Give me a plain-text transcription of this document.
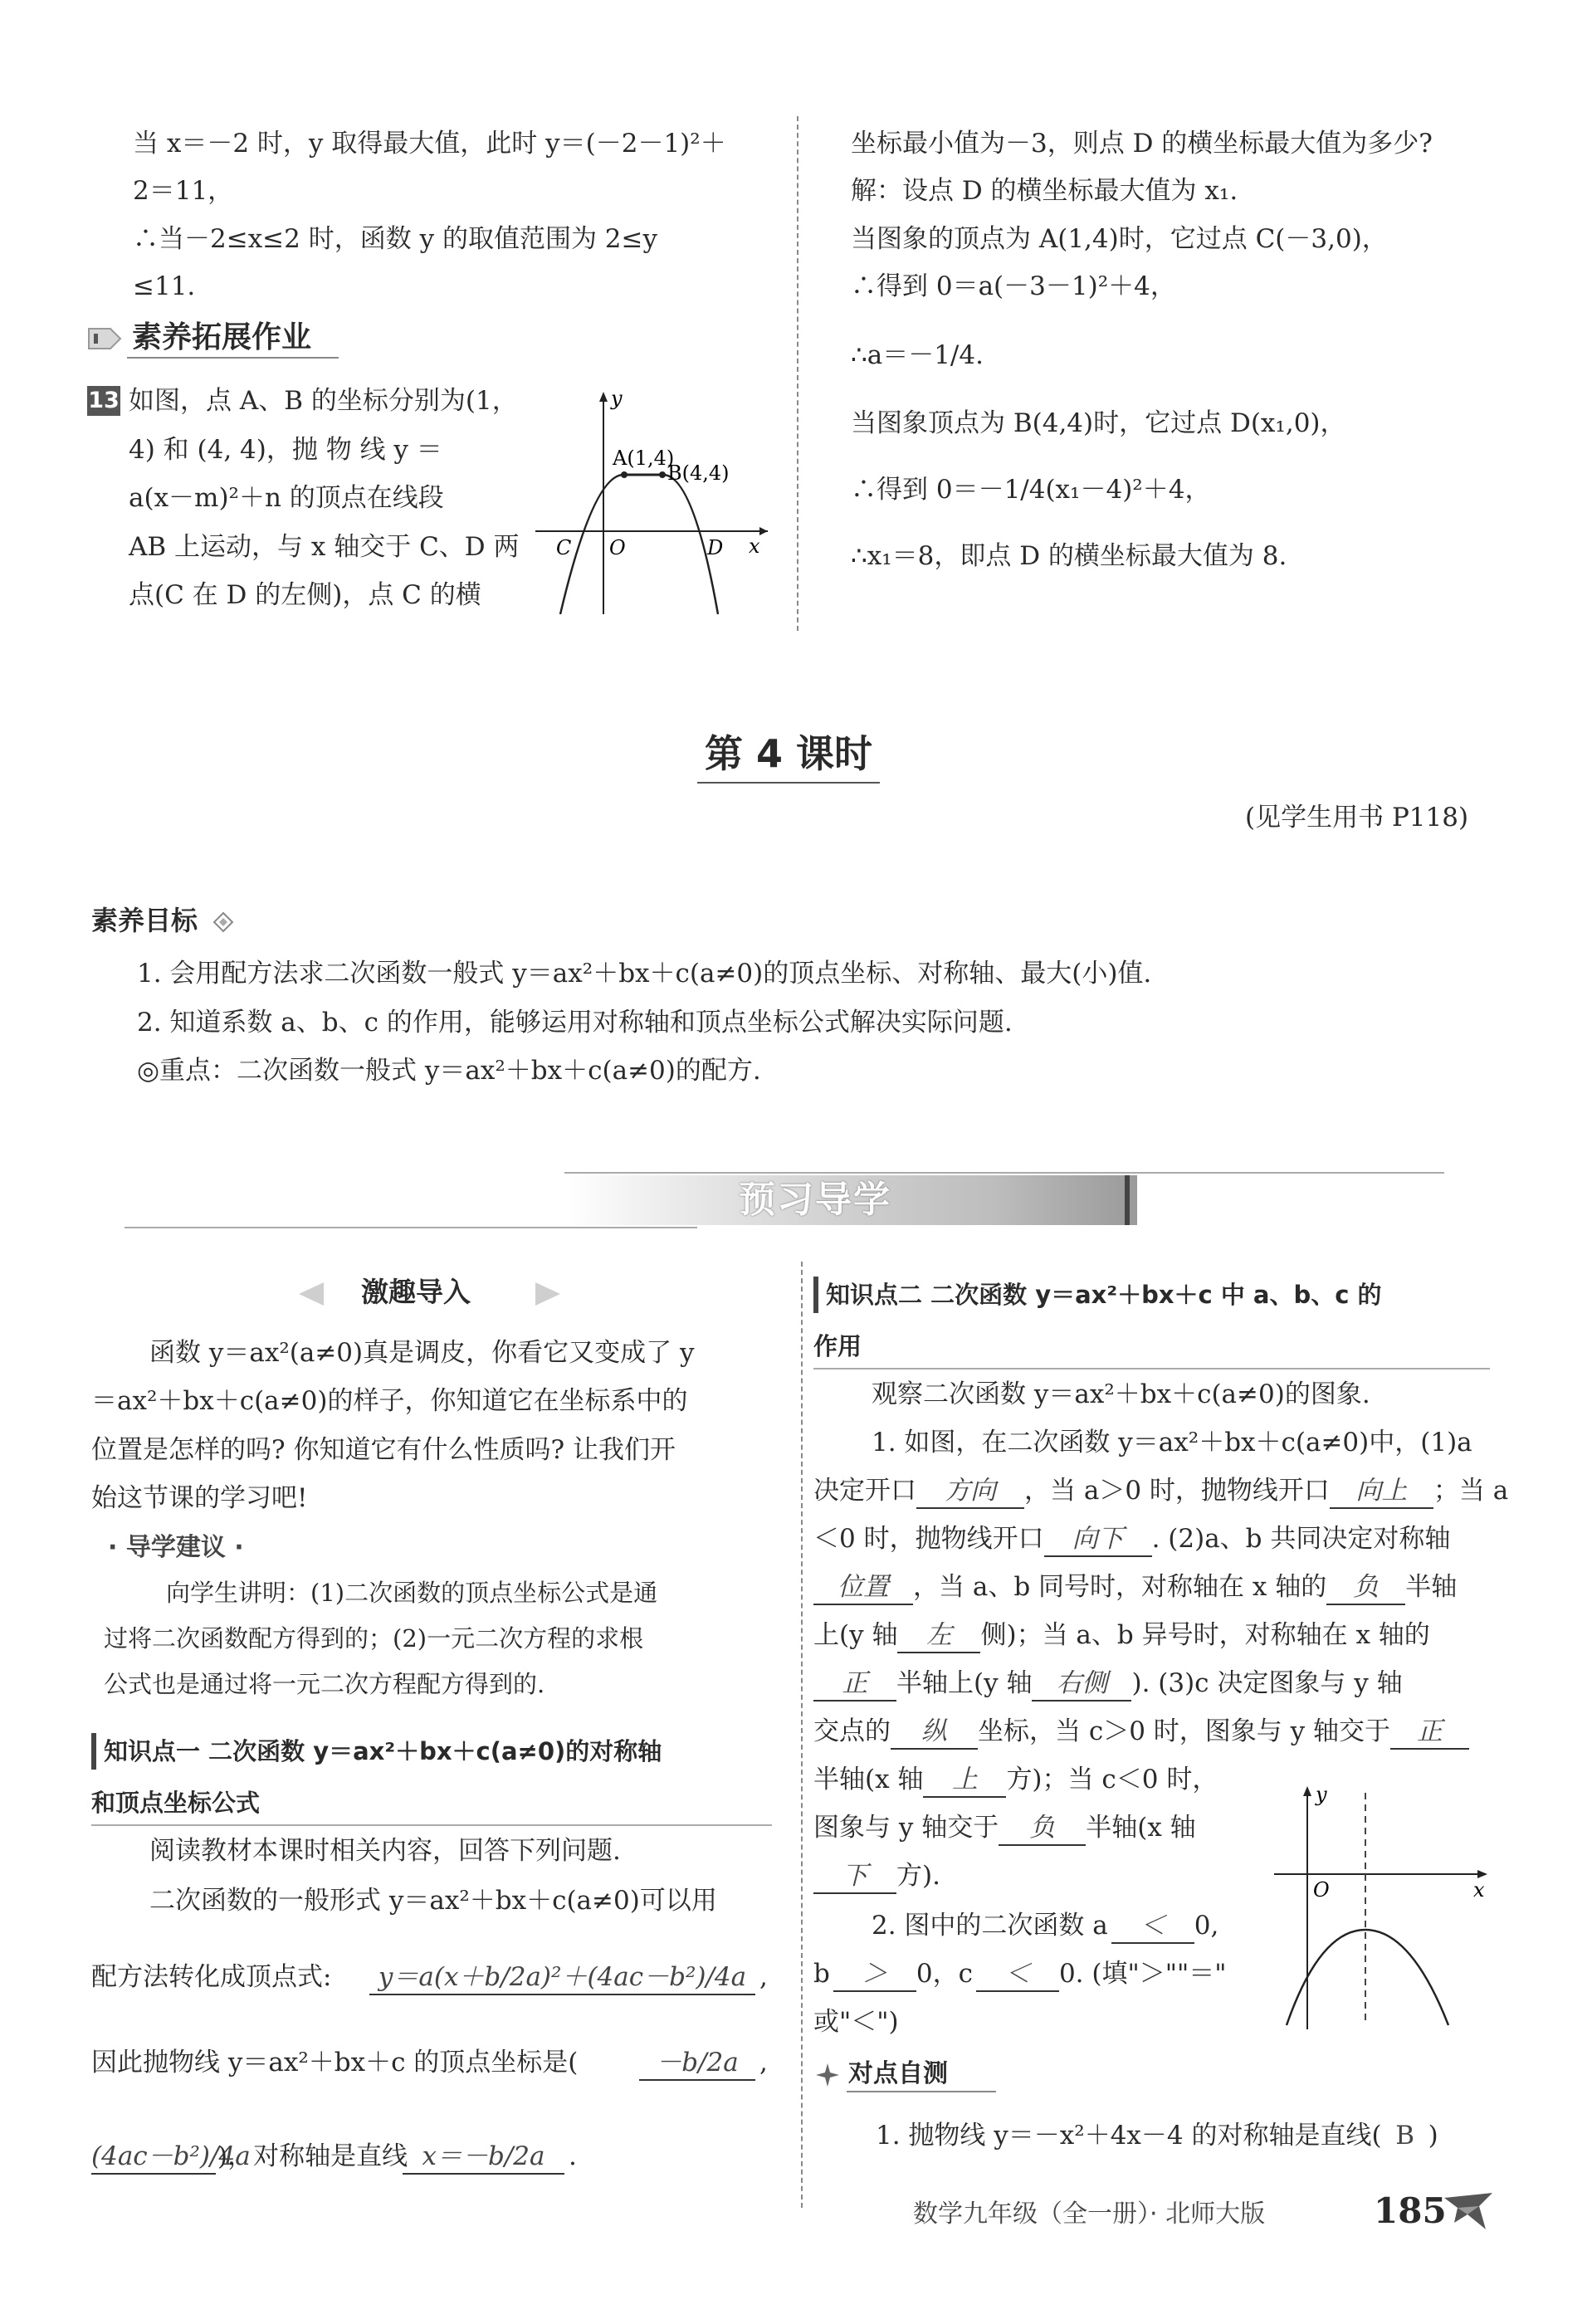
当 x＝－2 时，y 取得最大值，此时 y＝(－2－1)²＋
2＝11，
∴当－2≤x≤2 时，函数 y 的取值范围为 2≤y
≤11.
素养拓展作业
13 如图，点 A、B 的坐标分别为(1，
4) 和 (4, 4)，抛 物 线 y ＝
a(x－m)²＋n 的顶点在线段
AB 上运动，与 x 轴交于 C、D 两
点(C 在 D 的左侧)，点 C 的横
y
x
A(1,4)
B(4,4)
C O	D
坐标最小值为－3，则点 D 的横坐标最大值为多少?
解：设点 D 的横坐标最大值为 x₁.
当图象的顶点为 A(1,4)时，它过点 C(－3,0)，
∴得到 0＝a(－3－1)²＋4，
∴a＝－1/4.
当图象顶点为 B(4,4)时，它过点 D(x₁,0)，
∴得到 0＝－1/4(x₁－4)²＋4，
∴x₁＝8，即点 D 的横坐标最大值为 8.
第 4 课时
(见学生用书 P118)
素养目标
1. 会用配方法求二次函数一般式 y＝ax²＋bx＋c(a≠0)的顶点坐标、对称轴、最大(小)值.
2. 知道系数 a、b、c 的作用，能够运用对称轴和顶点坐标公式解决实际问题.
◎重点：二次函数一般式 y＝ax²＋bx＋c(a≠0)的配方.
预习导学
激趣导入
函数 y＝ax²(a≠0)真是调皮，你看它又变成了 y
＝ax²＋bx＋c(a≠0)的样子，你知道它在坐标系中的
位置是怎样的吗? 你知道它有什么性质吗? 让我们开
始这节课的学习吧!
· 导学建议 ·
向学生讲明：(1)二次函数的顶点坐标公式是通
过将二次函数配方得到的；(2)一元二次方程的求根
公式也是通过将一元二次方程配方得到的.
知识点一 二次函数 y＝ax²＋bx＋c(a≠0)的对称轴
和顶点坐标公式
阅读教材本课时相关内容，回答下列问题.
二次函数的一般形式 y＝ax²＋bx＋c(a≠0)可以用
配方法转化成顶点式:	y＝a(x＋b/2a)²＋(4ac－b²)/4a ,
因此抛物线 y＝ax²＋bx＋c 的顶点坐标是(	－b/2a ,
(4ac－b²)/4a
)，对称轴是直线 x＝－b/2a .
知识点二 二次函数 y＝ax²＋bx＋c 中 a、b、c 的
作用
观察二次函数 y＝ax²＋bx＋c(a≠0)的图象.
1. 如图，在二次函数 y＝ax²＋bx＋c(a≠0)中，(1)a
决定开口 方向 ，当 a＞0 时，抛物线开口 向上 ；当 a
＜0 时，抛物线开口 向下 . (2)a、b 共同决定对称轴
位置 ，当 a、b 同号时，对称轴在 x 轴的 负 半轴
上(y 轴 左 侧)；当 a、b 异号时，对称轴在 x 轴的
正 半轴上(y 轴 右侧 ). (3)c 决定图象与 y 轴
交点的 纵 坐标，当 c＞0 时，图象与 y 轴交于 正
半轴(x 轴 上 方)；当 c＜0 时，
图象与 y 轴交于 负 半轴(x 轴
下 方).
2. 图中的二次函数 a ＜ 0,
b ＞ 0，c ＜ 0. (填"＞""＝"
或"＜")
y
x
O
对点自测
1. 抛物线 y＝－x²＋4x－4 的对称轴是直线( B )
数学九年级（全一册）· 北师大版	185
